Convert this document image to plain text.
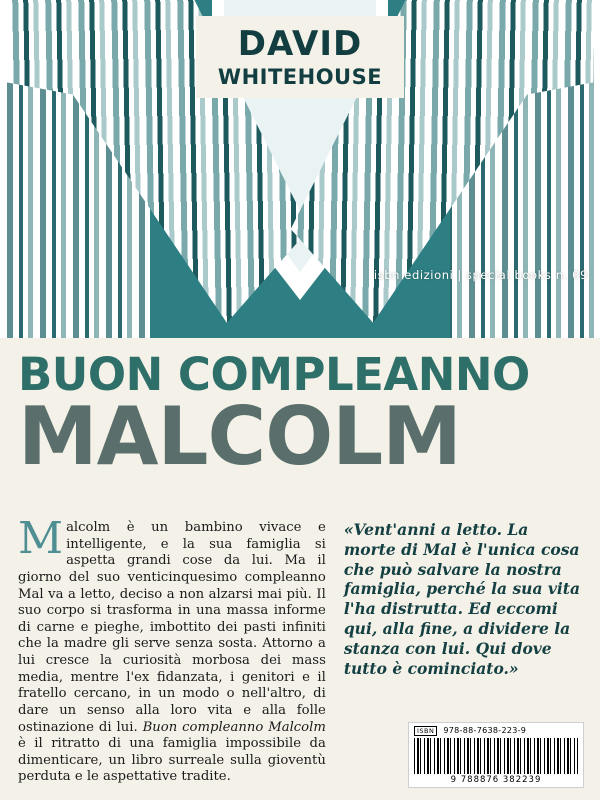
DAVID
WHITEHOUSE
isbn edizioni | special books n. 09
BUON COMPLEANNO
MALCOLM
Malcolm è un bambino vivace e intelligente, e la sua famiglia si aspetta grandi cose da lui. Ma il giorno del suo venticinquesimo compleanno Mal va a letto, deciso a non alzarsi mai più. Il suo corpo si trasforma in una massa informe di carne e pieghe, imbottito dei pasti infiniti che la madre gli serve senza sosta. Attorno a lui cresce la curiosità morbosa dei mass media, mentre l'ex fidanzata, i genitori e il fratello cercano, in un modo o nell'altro, di dare un senso alla loro vita e alla folle ostinazione di lui. Buon compleanno Malcolm è il ritratto di una famiglia impossibile da dimenticare, un libro surreale sulla gioventù perduta e le aspettative tradite.
«Vent'anni a letto. La morte di Mal è l'unica cosa che può salvare la nostra famiglia, perché la sua vita l'ha distrutta. Ed eccomi qui, alla fine, a dividere la stanza con lui. Qui dove tutto è cominciato.»
ISBN	978-88-7638-223-9
9 788876 382239
